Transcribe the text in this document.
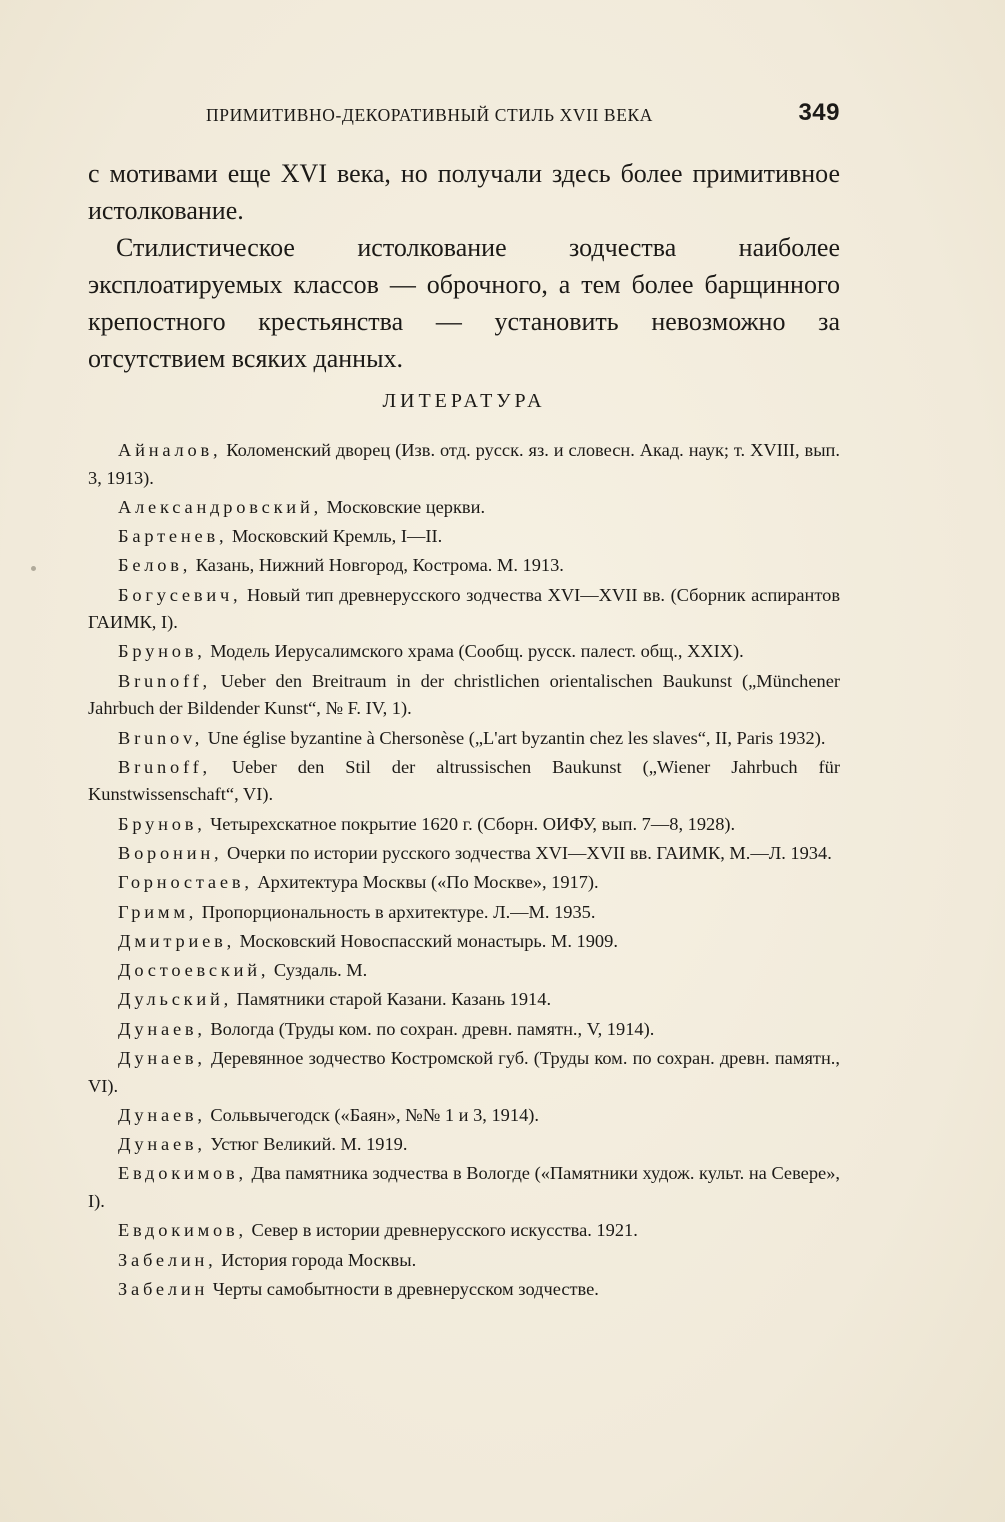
ПРИМИТИВНО-ДЕКОРАТИВНЫЙ СТИЛЬ XVII ВЕКА	349

с мотивами еще XVI века, но получали здесь более примитивное истолкование.

Стилистическое истолкование зодчества наиболее эксплоатируемых классов — оброчного, а тем более барщинного крепостного крестьянства — установить невозможно за отсутствием всяких данных.

ЛИТЕРАТУРА
Айналов, Коломенский дворец (Изв. отд. русск. яз. и словесн. Акад. наук; т. XVIII, вып. 3, 1913).
Александровский, Московские церкви.
Бартенев, Московский Кремль, I—II.
Белов, Казань, Нижний Новгород, Кострома. М. 1913.
Богусевич, Новый тип древнерусского зодчества XVI—XVII вв. (Сборник аспирантов ГАИМК, I).
Брунов, Модель Иерусалимского храма (Сообщ. русск. палест. общ., XXIX).
Brunoff, Ueber den Breitraum in der christlichen orientalischen Baukunst („Münchener Jahrbuch der Bildender Kunst“, № F. IV, 1).
Brunov, Une église byzantine à Chersonèse („L'art byzantin chez les slaves“, II, Paris 1932).
Brunoff, Ueber den Stil der altrussischen Baukunst („Wiener Jahrbuch für Kunstwissenschaft“, VI).
Брунов, Четырехскатное покрытие 1620 г. (Сборн. ОИФУ, вып. 7—8, 1928).
Воронин, Очерки по истории русского зодчества XVI—XVII вв. ГАИМК, М.—Л. 1934.
Горностаев, Архитектура Москвы («По Москве», 1917).
Гримм, Пропорциональность в архитектуре. Л.—М. 1935.
Дмитриев, Московский Новоспасский монастырь. М. 1909.
Достоевский, Суздаль. М.
Дульский, Памятники старой Казани. Казань 1914.
Дунаев, Вологда (Труды ком. по сохран. древн. памятн., V, 1914).
Дунаев, Деревянное зодчество Костромской губ. (Труды ком. по сохран. древн. памятн., VI).
Дунаев, Сольвычегодск («Баян», №№ 1 и 3, 1914).
Дунаев, Устюг Великий. М. 1919.
Евдокимов, Два памятника зодчества в Вологде («Памятники худож. культ. на Севере», I).
Евдокимов, Север в истории древнерусского искусства. 1921.
Забелин, История города Москвы.
Забелин Черты самобытности в древнерусском зодчестве.
